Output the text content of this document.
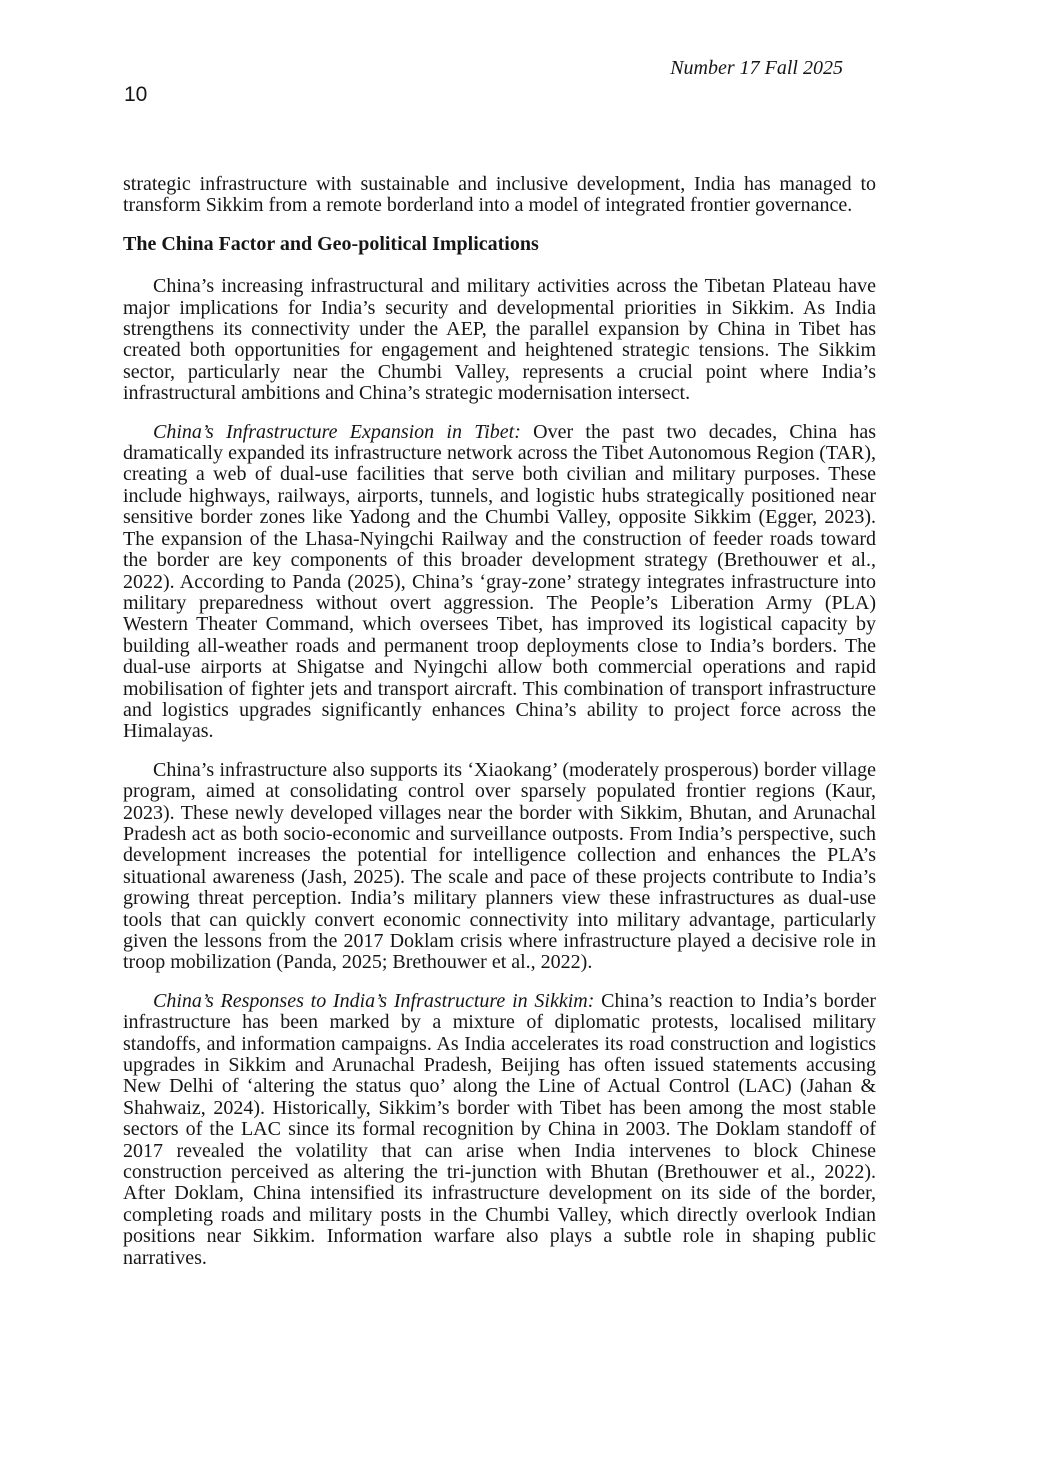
Number 17 Fall 2025
10

strategic infrastructure with sustainable and inclusive development, India has managed to transform Sikkim from a remote borderland into a model of integrated frontier governance.

The China Factor and Geo-political Implications

China’s increasing infrastructural and military activities across the Tibetan Plateau have major implications for India’s security and developmental priorities in Sikkim. As India strengthens its connectivity under the AEP, the parallel expansion by China in Tibet has created both opportunities for engagement and heightened strategic tensions. The Sikkim sector, particularly near the Chumbi Valley, represents a crucial point where India’s infrastructural ambitions and China’s strategic modernisation intersect.

China’s Infrastructure Expansion in Tibet: Over the past two decades, China has dramatically expanded its infrastructure network across the Tibet Autonomous Region (TAR), creating a web of dual-use facilities that serve both civilian and military purposes. These include highways, railways, airports, tunnels, and logistic hubs strategically positioned near sensitive border zones like Yadong and the Chumbi Valley, opposite Sikkim (Egger, 2023). The expansion of the Lhasa-Nyingchi Railway and the construction of feeder roads toward the border are key components of this broader development strategy (Brethouwer et al., 2022). According to Panda (2025), China’s ‘gray-zone’ strategy integrates infrastructure into military preparedness without overt aggression. The People’s Liberation Army (PLA) Western Theater Command, which oversees Tibet, has improved its logistical capacity by building all-weather roads and permanent troop deployments close to India’s borders. The dual-use airports at Shigatse and Nyingchi allow both commercial operations and rapid mobilisation of fighter jets and transport aircraft. This combination of transport infrastructure and logistics upgrades significantly enhances China’s ability to project force across the Himalayas.

China’s infrastructure also supports its ‘Xiaokang’ (moderately prosperous) border village program, aimed at consolidating control over sparsely populated frontier regions (Kaur, 2023). These newly developed villages near the border with Sikkim, Bhutan, and Arunachal Pradesh act as both socio-economic and surveillance outposts. From India’s perspective, such development increases the potential for intelligence collection and enhances the PLA’s situational awareness (Jash, 2025). The scale and pace of these projects contribute to India’s growing threat perception. India’s military planners view these infrastructures as dual-use tools that can quickly convert economic connectivity into military advantage, particularly given the lessons from the 2017 Doklam crisis where infrastructure played a decisive role in troop mobilization (Panda, 2025; Brethouwer et al., 2022).

China’s Responses to India’s Infrastructure in Sikkim: China’s reaction to India’s border infrastructure has been marked by a mixture of diplomatic protests, localised military standoffs, and information campaigns. As India accelerates its road construction and logistics upgrades in Sikkim and Arunachal Pradesh, Beijing has often issued statements accusing New Delhi of ‘altering the status quo’ along the Line of Actual Control (LAC) (Jahan & Shahwaiz, 2024). Historically, Sikkim’s border with Tibet has been among the most stable sectors of the LAC since its formal recognition by China in 2003. The Doklam standoff of 2017 revealed the volatility that can arise when India intervenes to block Chinese construction perceived as altering the tri-junction with Bhutan (Brethouwer et al., 2022). After Doklam, China intensified its infrastructure development on its side of the border, completing roads and military posts in the Chumbi Valley, which directly overlook Indian positions near Sikkim. Information warfare also plays a subtle role in shaping public narratives.
